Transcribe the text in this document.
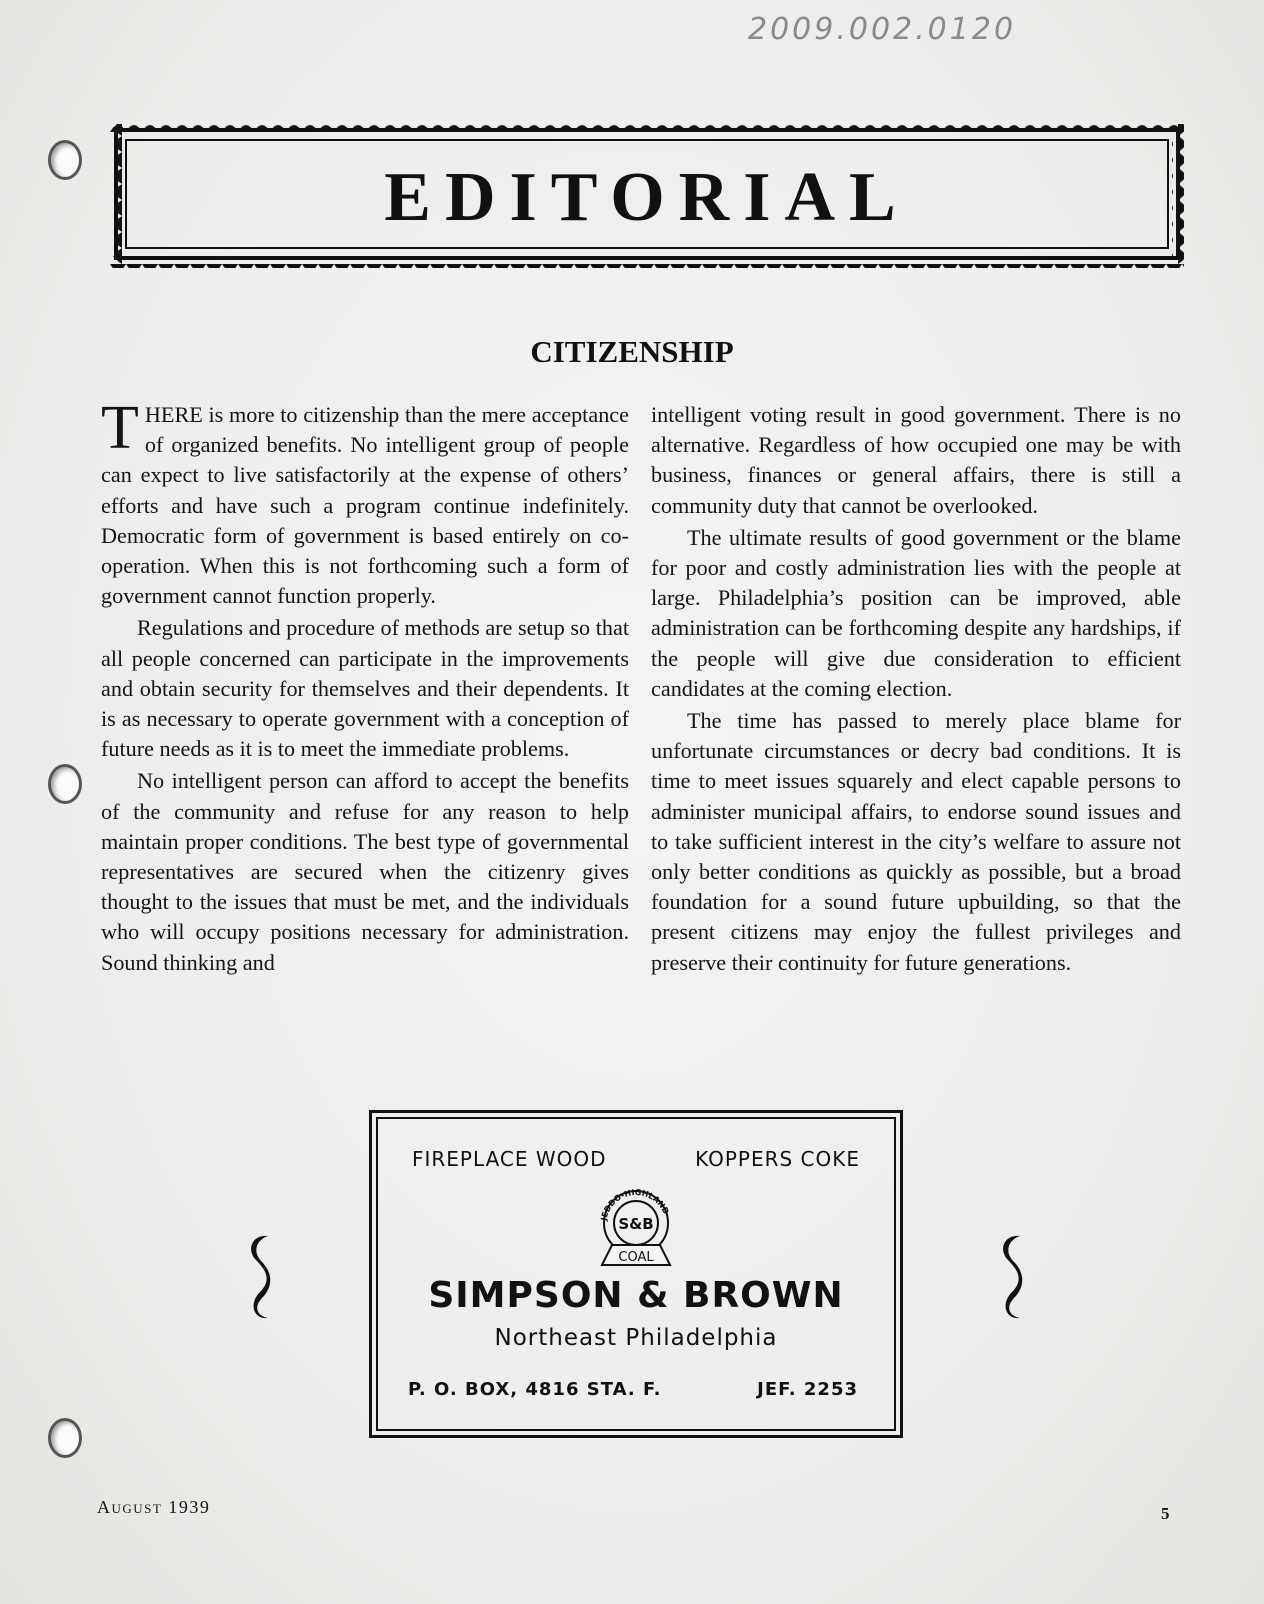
2009.002.0120
EDITORIAL
CITIZENSHIP

THERE is more to citizenship than the mere acceptance of organized benefits. No intelligent group of people can expect to live satisfactorily at the expense of others’ efforts and have such a program continue indefinitely. Democratic form of government is based entirely on co-operation. When this is not forthcoming such a form of government cannot function properly.

Regulations and procedure of methods are setup so that all people concerned can participate in the improvements and obtain security for themselves and their dependents. It is as necessary to operate government with a conception of future needs as it is to meet the immediate problems.

No intelligent person can afford to accept the benefits of the community and refuse for any reason to help maintain proper conditions. The best type of governmental representatives are secured when the citizenry gives thought to the issues that must be met, and the individuals who will occupy positions necessary for administration. Sound thinking and

intelligent voting result in good government. There is no alternative. Regardless of how occupied one may be with business, finances or general affairs, there is still a community duty that cannot be overlooked.

The ultimate results of good government or the blame for poor and costly administration lies with the people at large. Philadelphia’s position can be improved, able administration can be forthcoming despite any hardships, if the people will give due consideration to efficient candidates at the coming election.

The time has passed to merely place blame for unfortunate circumstances or decry bad conditions. It is time to meet issues squarely and elect capable persons to administer municipal affairs, to endorse sound issues and to take sufficient interest in the city’s welfare to assure not only better conditions as quickly as possible, but a broad foundation for a sound future upbuilding, so that the present citizens may enjoy the fullest privileges and preserve their continuity for future generations.

FIREPLACE WOOD	KOPPERS COKE
JEDDO-HIGHLAND
S&B
COAL
SIMPSON & BROWN
Northeast Philadelphia
P. O. BOX, 4816 STA. F.	JEF. 2253
August 1939	5
